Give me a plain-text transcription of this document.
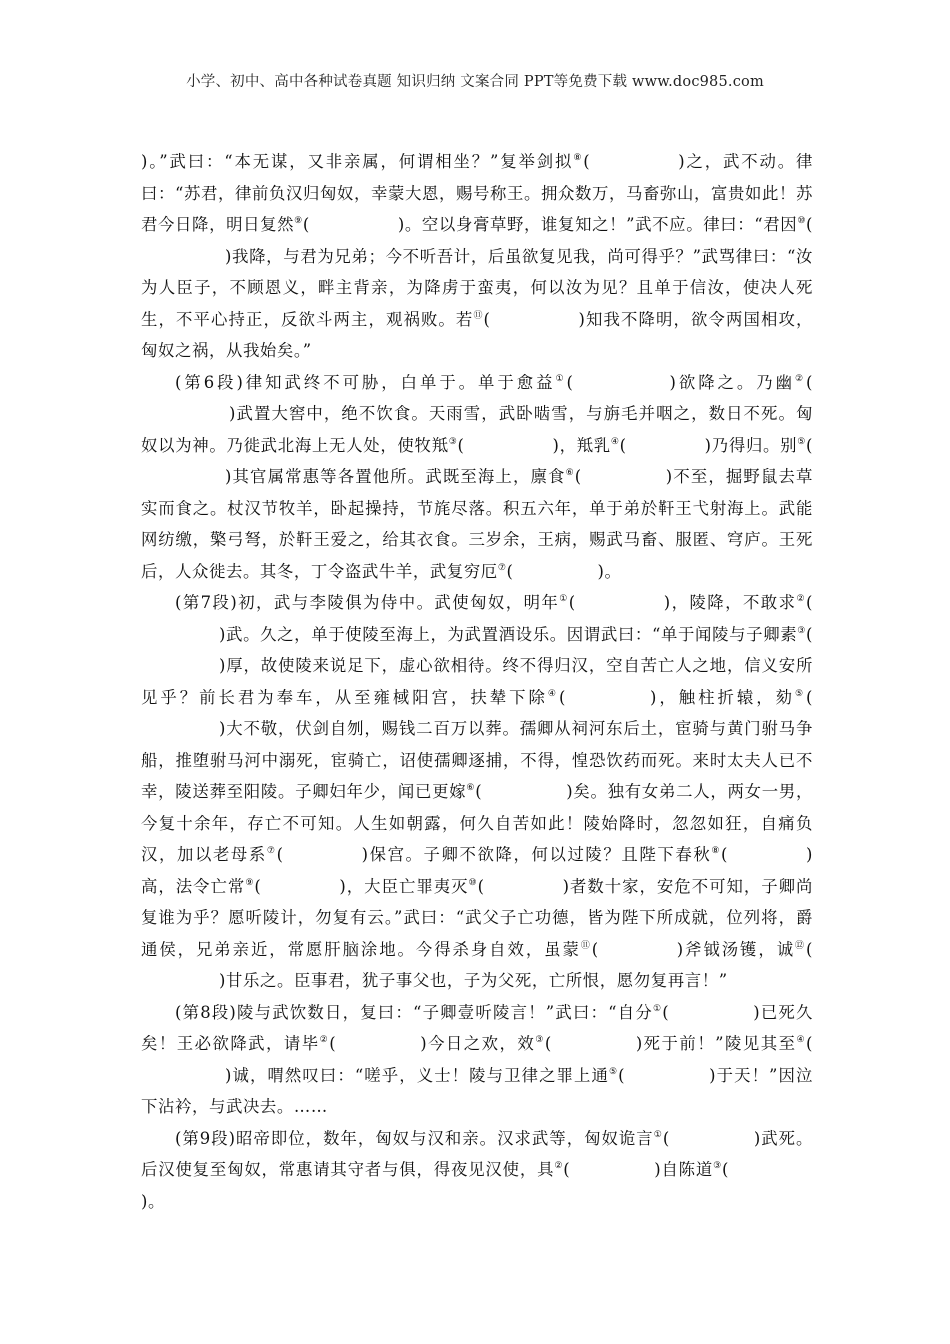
小学、初中、高中各种试卷真题 知识归纳 文案合同 PPT等免费下载 www.doc985.com

)。”武曰：“本无谋，又非亲属，何谓相坐？”复举剑拟⑧(	)之，武不动。律曰：“苏君，律前负汉归匈奴，幸蒙大恩，赐号称王。拥众数万，马畜弥山，富贵如此！苏君今日降，明日复然⑨(	)。空以身膏草野，谁复知之！”武不应。律曰：“君因⑩()我降，与君为兄弟；今不听吾计，后虽欲复见我，尚可得乎？”武骂律曰：“汝为人臣子，不顾恩义，畔主背亲，为降虏于蛮夷，何以汝为见？且单于信汝，使决人死生，不平心持正，反欲斗两主，观祸败。若⑪(	)知我不降明，欲令两国相攻，匈奴之祸，从我始矣。”

(第6段)律知武终不可胁，白单于。单于愈益①(	)欲降之。乃幽②()武置大窖中，绝不饮食。天雨雪，武卧啮雪，与旃毛并咽之，数日不死。匈奴以为神。乃徙武北海上无人处，使牧羝③(	)，羝乳④(	)乃得归。别⑤()其官属常惠等各置他所。武既至海上，廪食⑥(	)不至，掘野鼠去草实而食之。杖汉节牧羊，卧起操持，节旄尽落。积五六年，单于弟於靬王弋射海上。武能网纺缴，檠弓弩，於靬王爱之，给其衣食。三岁余，王病，赐武马畜、服匿、穹庐。王死后，人众徙去。其冬，丁令盗武牛羊，武复穷厄⑦(	)。

(第7段)初，武与李陵俱为侍中。武使匈奴，明年①(	)，陵降，不敢求②()武。久之，单于使陵至海上，为武置酒设乐。因谓武曰：“单于闻陵与子卿素③()厚，故使陵来说足下，虚心欲相待。终不得归汉，空自苦亡人之地，信义安所见乎？前长君为奉车，从至雍棫阳宫，扶辇下除④(	)，触柱折辕，劾⑤()大不敬，伏剑自刎，赐钱二百万以葬。孺卿从祠河东后土，宦骑与黄门驸马争船，推堕驸马河中溺死，宦骑亡，诏使孺卿逐捕，不得，惶恐饮药而死。来时太夫人已不幸，陵送葬至阳陵。子卿妇年少，闻已更嫁⑥(	)矣。独有女弟二人，两女一男，今复十余年，存亡不可知。人生如朝露，何久自苦如此！陵始降时，忽忽如狂，自痛负汉，加以老母系⑦(	)保宫。子卿不欲降，何以过陵？且陛下春秋⑧(	)高，法令亡常⑨(	)，大臣亡罪夷灭⑩(	)者数十家，安危不可知，子卿尚复谁为乎？愿听陵计，勿复有云。”武曰：“武父子亡功德，皆为陛下所成就，位列将，爵通侯，兄弟亲近，常愿肝脑涂地。今得杀身自效，虽蒙⑪(	)斧钺汤镬，诚⑫()甘乐之。臣事君，犹子事父也，子为父死，亡所恨，愿勿复再言！”

(第8段)陵与武饮数日，复曰：“子卿壹听陵言！”武曰：“自分①(	)已死久矣！王必欲降武，请毕②(	)今日之欢，效③(	)死于前！”陵见其至④()诚，喟然叹曰：“嗟乎，义士！陵与卫律之罪上通⑤(	)于天！”因泣下沾衿，与武决去。……

(第9段)昭帝即位，数年，匈奴与汉和亲。汉求武等，匈奴诡言①(	)武死。后汉使复至匈奴，常惠请其守者与俱，得夜见汉使，具②(	)自陈道③()。
